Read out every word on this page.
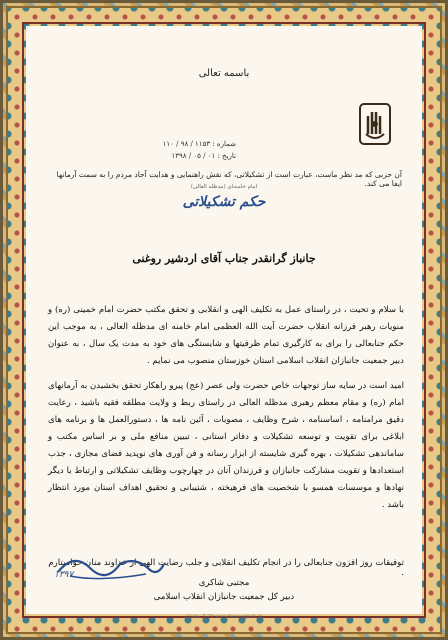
باسمه تعالی
شماره : ۱۱۵۳ / ۹۸ / ۱۱۰
تاریخ : ۰۱ / ۰۵ / ۱۳۹۸
آن حزبی که مد نظر ماست، عبارت است از تشکیلاتی، که نقش راهنمایی و هدایت آحاد مردم را به سمت آرمانها ایفا می کند.
امام خامنه‌ای (مدظله العالی)
حکم تشکیلاتی
جانباز گرانقدر جناب آقای اردشیر روغنی

با سلام و تحیت ، در راستای عمل به تکلیف الهی و انقلابی و تحقق مکتب حضرت امام خمینی (ره) و منویات رهبر فرزانه انقلاب حضرت آیت الله العظمی امام خامنه ای مدظله العالی ، به موجب این حکم جنابعالی را برای به کارگیری تمام ظرفیتها و شایستگی های خود به مدت یک سال ، به عنوان دبیر جمعیت جانبازان انقلاب اسلامی استان خوزستان منصوب می نمایم .

امید است در سایه ساز توجهات خاص حضرت ولی عصر (عج) پیرو راهکار تحقق بخشیدن به آرمانهای امام (ره) و مقام معظم رهبری مدظله العالی در راستای ربط و ولایت مطلقه فقیه باشید ، رعایت دقیق مرامنامه ، اساسنامه ، شرح وظایف ، مصوبات ، آئین نامه ها ، دستورالعمل ها و برنامه های ابلاغی برای تقویت و توسعه تشکیلات و دفاتر استانی ، تبیین منافع ملی و بر اساس مکتب و ساماندهی تشکیلات ، بهره گیری شایسته از ابزار رسانه و فن آوری های نوپدید فضای مجازی ، جذب استعدادها و تقویت مشارکت جانبازان و فرزندان آنان در چهارچوب وظایف تشکیلاتی و ارتباط با دیگر نهادها و موسسات همسو با شخصیت های فرهیخته ، شتیبانی و تحقیق اهداف استان مورد انتظار باشد .

توفیقات روز افزون جنابعالی را در انجام تکلیف انقلابی و جلب رضایت الهی از خداوند منان خواستارم .
۱۳۹۷
مجتبی شاکری
دبیر کل جمعیت جانبازان انقلاب اسلامی
Code: 7-70 www.bovsaqnab.ir
